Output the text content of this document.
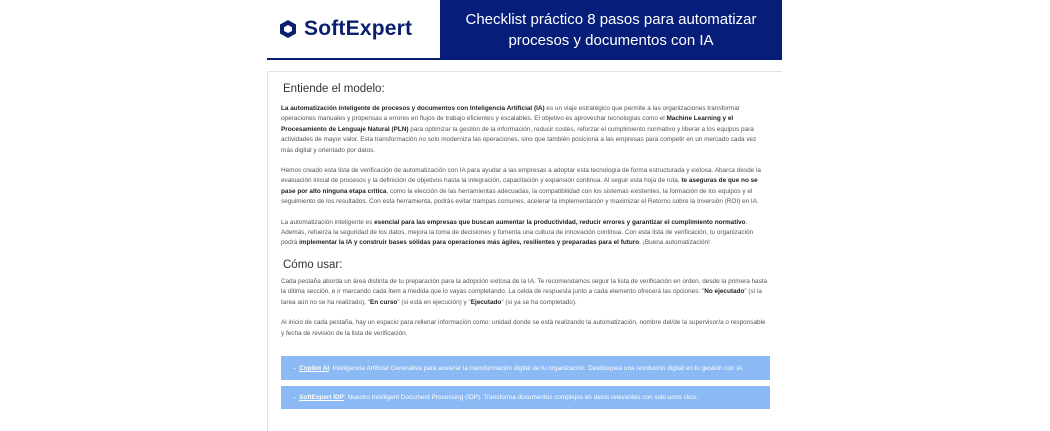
SoftExpert	Checklist práctico 8 pasos para automatizar
procesos y documentos con IA
Entiende el modelo:

La automatización inteligente de procesos y documentos con Inteligencia Artificial (IA) es un viaje estratégico que permite a las organizaciones transformar operaciones manuales y propensas a errores en flujos de trabajo eficientes y escalables. El objetivo es aprovechar tecnologías como el Machine Learning y el Procesamiento de Lenguaje Natural (PLN) para optimizar la gestión de la información, reducir costes, reforzar el cumplimiento normativo y liberar a los equipos para actividades de mayor valor. Esta transformación no solo moderniza las operaciones, sino que también posiciona a las empresas para competir en un mercado cada vez más digital y orientado por datos.

Hemos creado esta lista de verificación de automatización con IA para ayudar a las empresas a adoptar esta tecnología de forma estructurada y exitosa. Abarca desde la evaluación inicial de procesos y la definición de objetivos hasta la integración, capacitación y expansión continua. Al seguir esta hoja de ruta, te aseguras de que no se pase por alto ninguna etapa crítica, como la elección de las herramientas adecuadas, la compatibilidad con los sistemas existentes, la formación de los equipos y el seguimiento de los resultados. Con esta herramienta, podrás evitar trampas comunes, acelerar la implementación y maximizar el Retorno sobre la Inversión (ROI) en IA.

La automatización inteligente es esencial para las empresas que buscan aumentar la productividad, reducir errores y garantizar el cumplimiento normativo. Además, refuerza la seguridad de los datos, mejora la toma de decisiones y fomenta una cultura de innovación continua. Con esta lista de verificación, tu organización podrá implementar la IA y construir bases sólidas para operaciones más ágiles, resilientes y preparadas para el futuro. ¡Buena automatización!

Cómo usar:

Cada pestaña aborda un área distinta de tu preparación para la adopción exitosa de la IA. Te recomendamos seguir la lista de verificación en orden, desde la primera hasta la última sección, e ir marcando cada ítem a medida que lo vayas completando. La celda de respuesta junto a cada elemento ofrecerá las opciones: "No ejecutado" (si la tarea aún no se ha realizado), "En curso" (si está en ejecución) y "Ejecutado" (si ya se ha completado).

Al inicio de cada pestaña, hay un espacio para rellenar información como: unidad donde se está realizando la automatización, nombre del/de la supervisor/a o responsable y fecha de revisión de la lista de verificación.

→ Copilot AI: Inteligencia Artificial Generativa para acelerar la transformación digital de tu organización. Desbloquea una revolución digital en tu gestión con IA.
→ SoftExpert IDP: Nuestro Intelligent Document Processing (IDP). Transforma documentos complejos en datos relevantes con solo unos clics.
